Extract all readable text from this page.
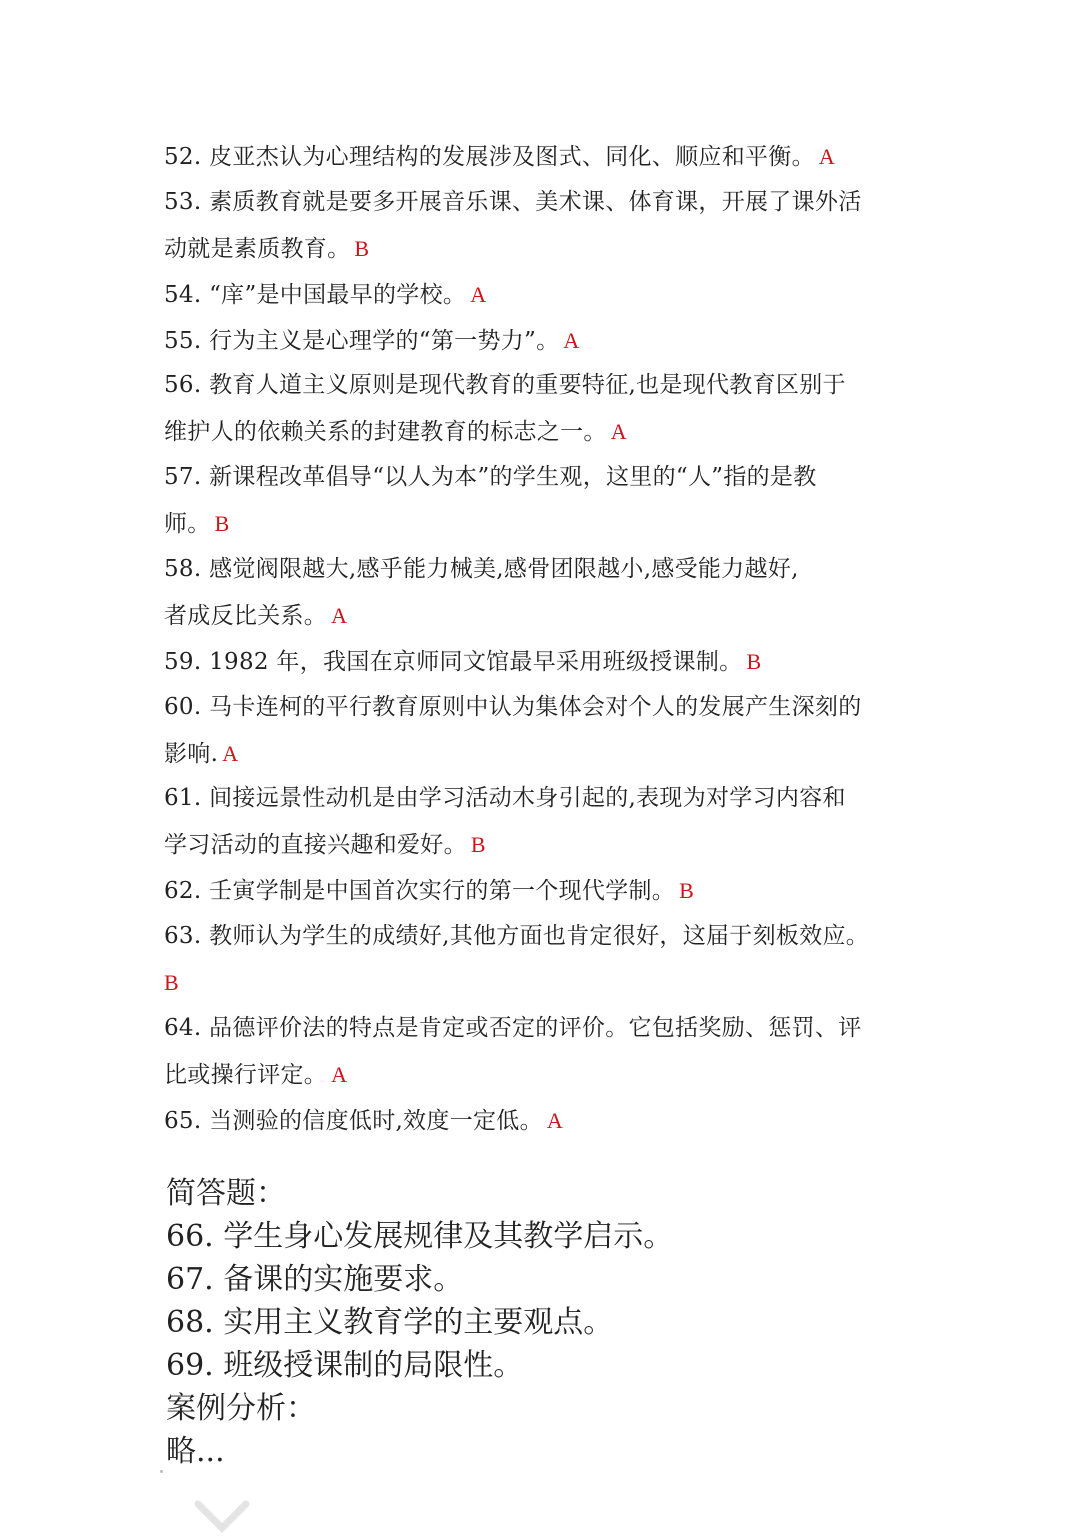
52. 皮亚杰认为心理结构的发展涉及图式、同化、顺应和平衡。 A
53. 素质教育就是要多开展音乐课、美术课、体育课，开展了课外活
动就是素质教育。 B
54. “庠”是中国最早的学校。 A
55. 行为主义是心理学的“第一势力”。 A
56. 教育人道主义原则是现代教育的重要特征,也是现代教育区别于
维护人的依赖关系的封建教育的标志之一。 A
57. 新课程改革倡导“以人为本”的学生观，这里的“人”指的是教
师。 B
58. 感觉阀限越大,感乎能力械美,感骨团限越小,感受能力越好,
者成反比关系。 A
59. 1982 年，我国在京师同文馆最早采用班级授课制。 B
60. 马卡连柯的平行教育原则中认为集体会对个人的发展产生深刻的
影响. A
61. 间接远景性动机是由学习活动木身引起的,表现为对学习内容和
学习活动的直接兴趣和爱好。 B
62. 壬寅学制是中国首次实行的第一个现代学制。 B
63. 教师认为学生的成绩好,其他方面也肯定很好，这届于刻板效应。
B
64. 品德评价法的特点是肯定或否定的评价。它包括奖励、惩罚、评
比或操行评定。 A
65. 当测验的信度低时,效度一定低。 A
简答题：
66. 学生身心发展规律及其教学启示。
67. 备课的实施要求。
68. 实用主义教育学的主要观点。
69. 班级授课制的局限性。
案例分析：
略...
